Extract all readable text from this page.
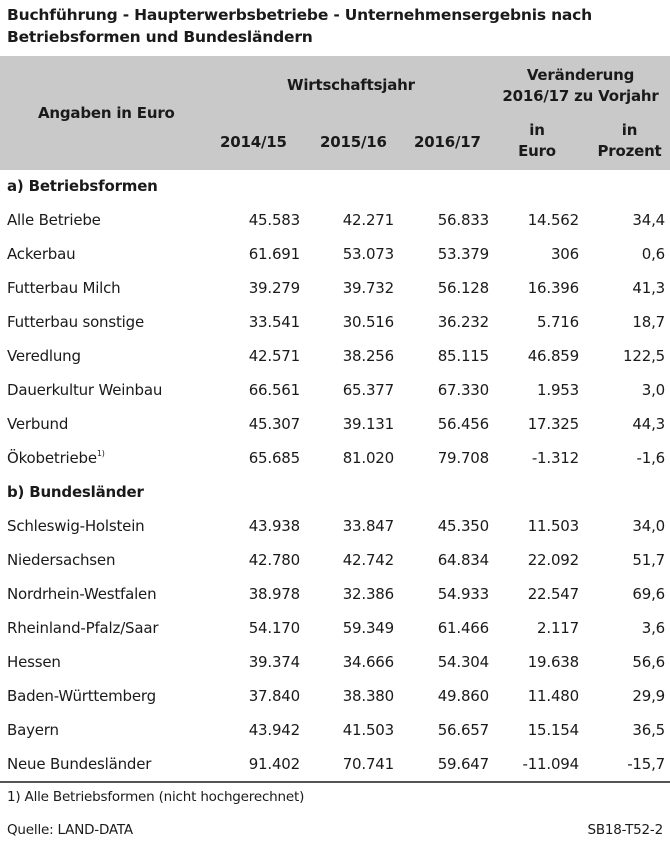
Buchführung - Haupterwerbsbetriebe - Unternehmensergebnis nach Betriebsformen und Bundesländern
Angaben in Euro
Wirtschaftsjahr
Veränderung
2016/17 zu Vorjahr
2014/15 2015/16 2016/17
in
Euro
in
Prozent
a) Betriebsformen
Alle Betriebe	45.583	42.271	56.833	14.562	34,4
Ackerbau	61.691	53.073	53.379	306	0,6
Futterbau Milch	39.279	39.732	56.128	16.396	41,3
Futterbau sonstige	33.541	30.516	36.232	5.716	18,7
Veredlung	42.571	38.256	85.115	46.859	122,5
Dauerkultur Weinbau	66.561	65.377	67.330	1.953	3,0
Verbund	45.307	39.131	56.456	17.325	44,3
Ökobetriebe$^{1)}$	65.685	81.020	79.708	-1.312	-1,6
b) Bundesländer
Schleswig-Holstein	43.938	33.847	45.350	11.503	34,0
Niedersachsen	42.780	42.742	64.834	22.092	51,7
Nordrhein-Westfalen	38.978	32.386	54.933	22.547	69,6
Rheinland-Pfalz/Saar	54.170	59.349	61.466	2.117	3,6
Hessen	39.374	34.666	54.304	19.638	56,6
Baden-Württemberg	37.840	38.380	49.860	11.480	29,9
Bayern	43.942	41.503	56.657	15.154	36,5
Neue Bundesländer	91.402	70.741	59.647 -11.094	-15,7
1) Alle Betriebsformen (nicht hochgerechnet)
Quelle: LAND-DATA	SB18-T52-2
